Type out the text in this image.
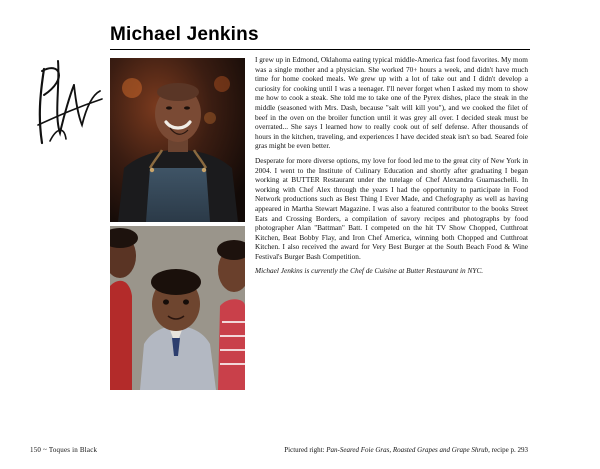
Michael Jenkins

I grew up in Edmond, Oklahoma eating typical middle-America fast food favorites. My mom was a single mother and a physician. She worked 70+ hours a week, and didn't have much time for home cooked meals. We grew up with a lot of take out and I didn't develop a curiosity for cooking until I was a teenager. I'll never forget when I asked my mom to show me how to cook a steak. She told me to take one of the Pyrex dishes, place the steak in the middle (seasoned with Mrs. Dash, because "salt will kill you"), and we cooked the filet of beef in the oven on the broiler function until it was grey all over. I decided steak must be overrated... She says I learned how to really cook out of self defense. After thousands of hours in the kitchen, traveling, and experiences I have decided steak isn't so bad. Seared foie gras might be even better.

Desperate for more diverse options, my love for food led me to the great city of New York in 2004. I went to the Institute of Culinary Education and shortly after graduating I began working at BUTTER Restaurant under the tutelage of Chef Alexandra Guarnaschelli. In working with Chef Alex through the years I had the opportunity to participate in Food Network productions such as Best Thing I Ever Made, and Chefography as well as having appeared in Martha Stewart Magazine. I was also a featured contributor to the books Street Eats and Crossing Borders, a compilation of savory recipes and photographs by food photographer Alan "Battman" Batt. I competed on the hit TV Show Chopped, Cutthroat Kitchen, Beat Bobby Flay, and Iron Chef America, winning both Chopped and Cutthroat Kitchen. I also received the award for Very Best Burger at the South Beach Food & Wine Festival's Burger Bash Competition.

Michael Jenkins is currently the Chef de Cuisine at Butter Restaurant in NYC.

150 ~ Toques in Black	Pictured right: Pan-Seared Foie Gras, Roasted Grapes and Grape Shrub, recipe p. 293
